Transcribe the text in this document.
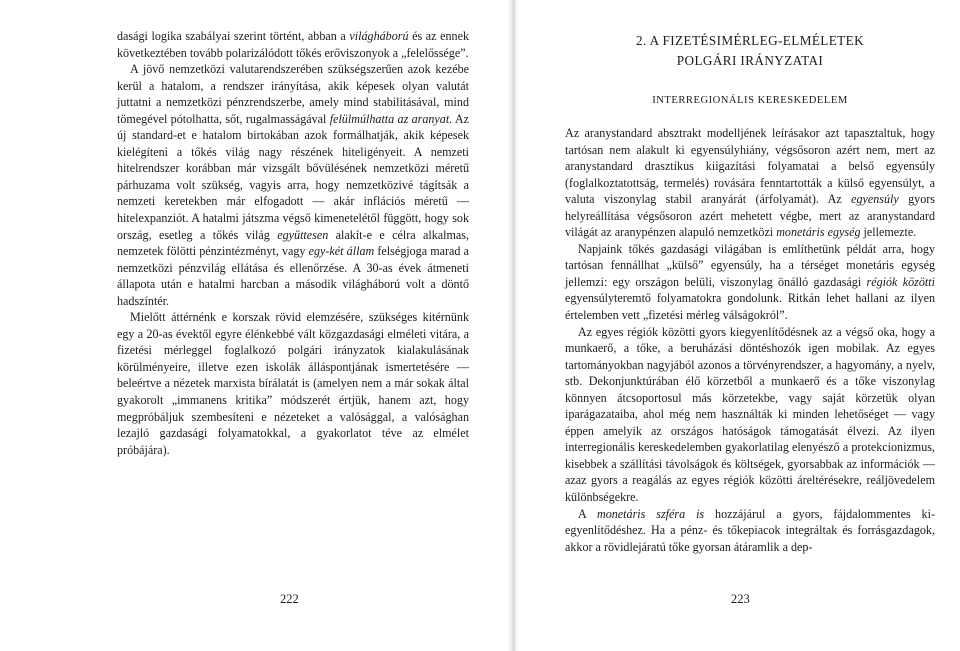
dasági logika szabályai szerint történt, abban a világháború és az ennek következtében tovább polarizálódott tőkés erőviszonyok a „felelőssége”.

A jövő nemzetközi valutarendszerében szükségszerűen azok kezébe kerül a hatalom, a rendszer irányítása, akik képesek olyan valutát juttatni a nemzetközi pénzrendszerbe, amely mind stabilitásával, mind tömegével pótolhatta, sőt, rugalmasságával felülmúlhatta az aranyat. Az új standard-et e hatalom birtokában azok formálhatják, akik képesek kielégíteni a tőkés világ nagy részének hiteligényeit. A nemzeti hitelrendszer korábban már vizsgált bővülésének nemzetközi méretű párhuzama volt szükség, vagyis arra, hogy nemzetközivé tágítsák a nemzeti keretekben már elfogadott — akár inflációs méretű —hitelexpanziót. A hatalmi játszma végső kimenetelétől függött, hogy sok ország, esetleg a tőkés világ együttesen alakít-e e célra alkalmas, nemzetek fölötti pénzintézményt, vagy egy-két állam felségjoga marad a nemzetközi pénzvilág ellátása és ellenőrzése. A 30-as évek átmeneti állapota után e hatalmi harcban a második világháború volt a döntő hadszíntér.

Mielőtt áttérnénk e korszak rövid elemzésére, szükséges kitérnünk egy a 20-as évektől egyre élénkebbé vált közgazdasági elméleti vitára, a fizetési mérleggel foglalkozó polgári irányzatok kialakulásának körülményeire, illetve ezen iskolák álláspontjának ismertetésére — beleértve a nézetek marxista bírálatát is (amelyen nem a már sokak által gyakorolt „immanens kritika” módszerét értjük, hanem azt, hogy megpróbáljuk szembesíteni e nézeteket a valósággal, a valósághan lezajló gazdasági folyamatokkal, a gyakorlatot téve az elmélet próbájára).

222
2. A FIZETÉSIMÉRLEG-ELMÉLETEK
POLGÁRI IRÁNYZATAI
INTERREGIONÁLIS KERESKEDELEM

Az aranystandard absztrakt modelljének leírásakor azt tapasztaltuk, hogy tartósan nem alakult ki egyensúlyhiány, végsősoron azért nem, mert az aranystandard drasztikus kiigazítási folyamatai a belső egyensúly (foglalkoztatottság, termelés) rovására fenntartották a külső egyensúlyt, a valuta viszonylag stabil aranyárát (árfolyamát). Az egyensúly gyors helyreállítása végsősoron azért mehetett végbe, mert az aranystandard világát az aranypénzen alapuló nemzetközi monetáris egység jellemezte.

Napjaink tőkés gazdasági világában is említhetünk példát arra, hogy tartósan fennállhat „külső” egyensúly, ha a térséget monetáris egység jellemzi: egy országon belüli, viszonylag önálló gazdasági régiók közötti egyensúlyteremtő folyamatokra gondolunk. Ritkán lehet hallani az ilyen értelemben vett „fizetési mérleg válságokról”.

Az egyes régiók közötti gyors kiegyenlítődésnek az a végső oka, hogy a munkaerő, a tőke, a beruházási döntéshozók igen mobilak. Az egyes tartományokban nagyjából azonos a törvényrendszer, a hagyomány, a nyelv, stb. Dekonjunktúrában élő körzetből a munkaerő és a tőke viszonylag könnyen átcsoportosul más körzetekbe, vagy saját körzetük olyan iparágazataiba, ahol még nem használták ki minden lehetőséget — vagy éppen amelyik az országos hatóságok támogatását élvezi. Az ilyen interregionális kereskedelemben gyakorlatilag elenyésző a protekcionizmus, kisebbek a szállítási távolságok és költségek, gyorsabbak az információk — azaz gyors a reagálás az egyes régiók közötti áreltérésekre, reáljövedelem különbségekre.

A monetáris szféra is hozzájárul a gyors, fájdalommentes kiegyenlítődéshez. Ha a pénz- és tőkepiacok integráltak és forrásgazdagok, akkor a rövidlejáratú tőke gyorsan átáramlik a dep-

223
